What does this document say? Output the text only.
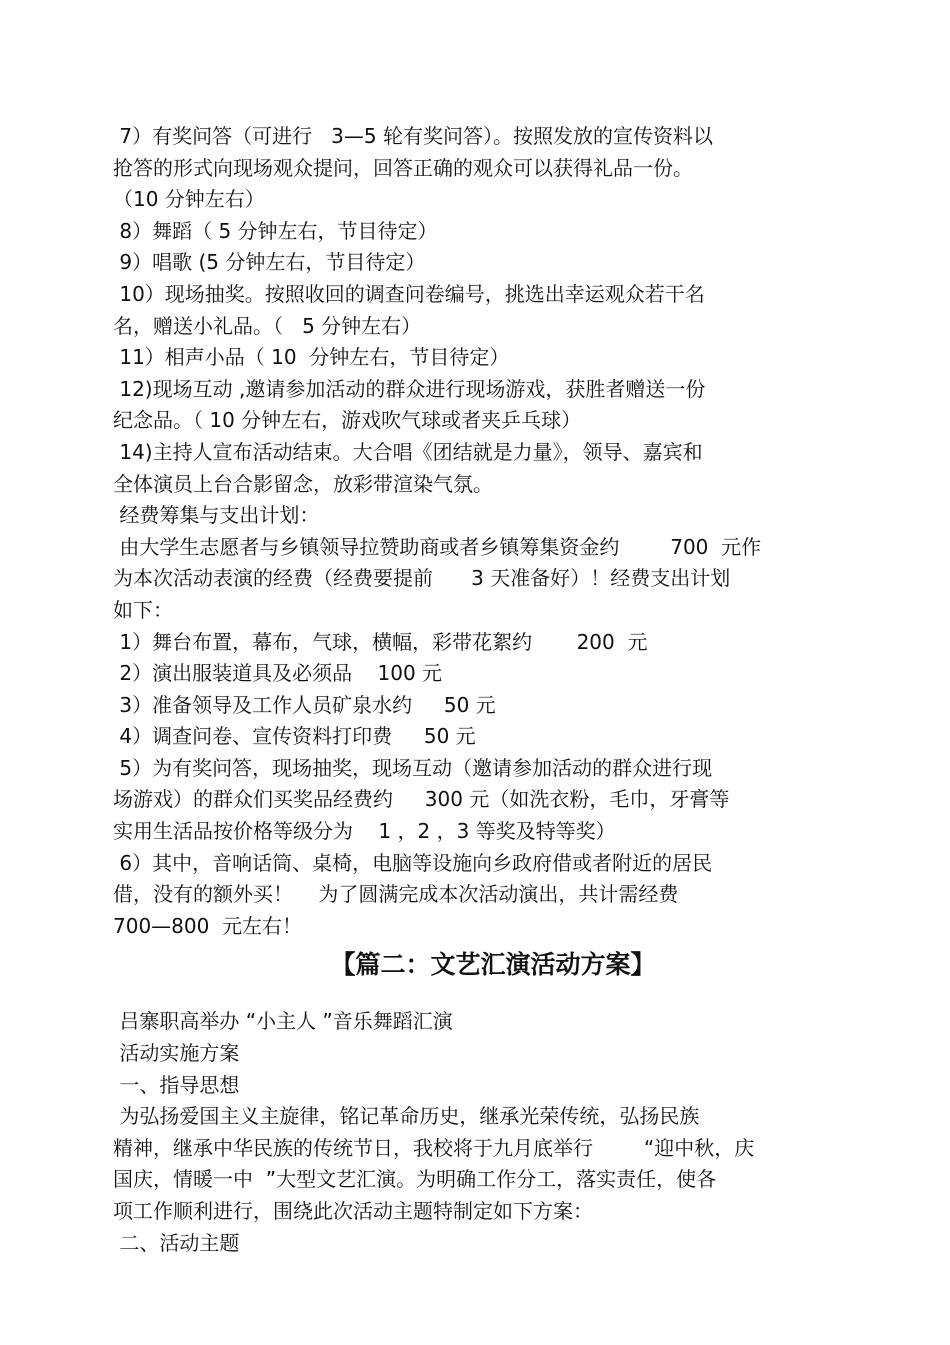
7）有奖问答（可进行   3—5 轮有奖问答）。按照发放的宣传资料以

抢答的形式向现场观众提问，回答正确的观众可以获得礼品一份。

（10 分钟左右）

8）舞蹈（ 5 分钟左右，节目待定）

9）唱歌 (5 分钟左右，节目待定）

10）现场抽奖。按照收回的调查问卷编号，挑选出幸运观众若干名

名，赠送小礼品。（   5 分钟左右）

11）相声小品（ 10  分钟左右，节目待定）

12)现场互动 ,邀请参加活动的群众进行现场游戏，获胜者赠送一份

纪念品。（ 10 分钟左右，游戏吹气球或者夹乒乓球）

14)主持人宣布活动结束。大合唱《团结就是力量》，领导、嘉宾和

全体演员上台合影留念，放彩带渲染气氛。

经费筹集与支出计划：

由大学生志愿者与乡镇领导拉赞助商或者乡镇筹集资金约        700  元作

为本次活动表演的经费（经费要提前      3 天准备好）！经费支出计划

如下：

1）舞台布置，幕布，气球，横幅，彩带花絮约       200  元

2）演出服装道具及必须品    100 元

3）准备领导及工作人员矿泉水约     50 元

4）调查问卷、宣传资料打印费     50 元

5）为有奖问答，现场抽奖，现场互动（邀请参加活动的群众进行现

场游戏）的群众们买奖品经费约     300 元（如洗衣粉，毛巾，牙膏等

实用生活品按价格等级分为    1 ，2 ，3 等奖及特等奖）

6）其中，音响话筒、桌椅，电脑等设施向乡政府借或者附近的居民

借，没有的额外买！    为了圆满完成本次活动演出，共计需经费

700—800  元左右！

【篇二：文艺汇演活动方案】

吕寨职高举办 “小主人 ”音乐舞蹈汇演

活动实施方案

一、指导思想

为弘扬爱国主义主旋律，铭记革命历史，继承光荣传统，弘扬民族

精神，继承中华民族的传统节日，我校将于九月底举行        “迎中秋，庆

国庆，情暖一中  ”大型文艺汇演。为明确工作分工，落实责任，使各

项工作顺利进行，围绕此次活动主题特制定如下方案：

二、活动主题
